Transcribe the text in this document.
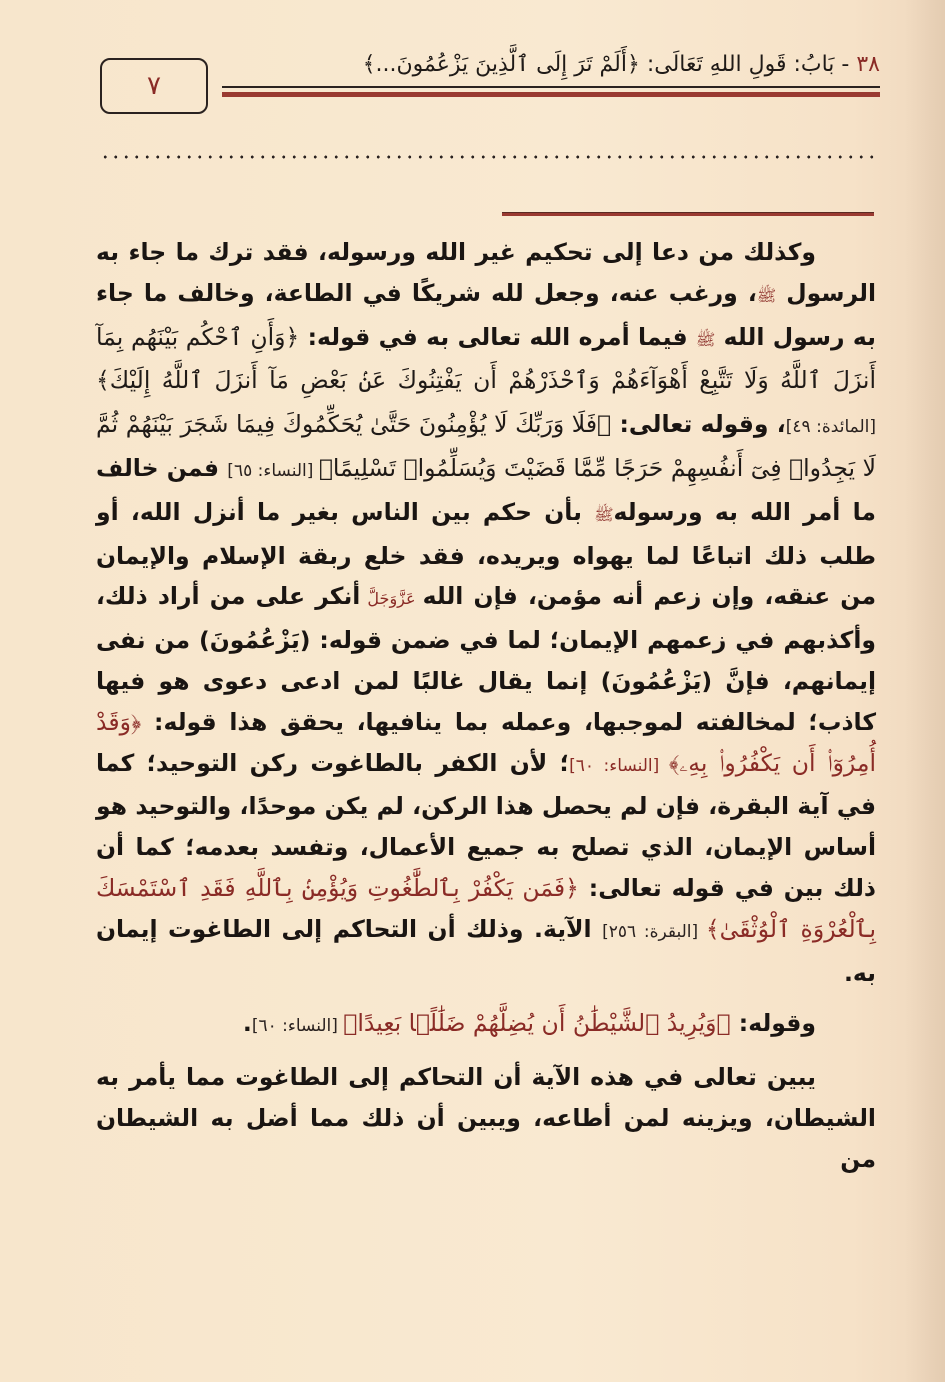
٧
٣٨ - بَابُ: قَولِ اللهِ تَعَالَى: ﴿أَلَمْ تَرَ إِلَى ٱلَّذِينَ يَزْعُمُونَ...﴾

وكذلك من دعا إلى تحكيم غير الله ورسوله، فقد ترك ما جاء به الرسول ﷺ، ورغب عنه، وجعل لله شريكًا في الطاعة، وخالف ما جاء به رسول الله ﷺ فيما أمره الله تعالى به في قوله: ﴿وَأَنِ ٱحْكُم بَيْنَهُم بِمَآ أَنزَلَ ٱللَّهُ وَلَا تَتَّبِعْ أَهْوَآءَهُمْ وَٱحْذَرْهُمْ أَن يَفْتِنُوكَ عَنۢ بَعْضِ مَآ أَنزَلَ ٱللَّهُ إِلَيْكَ﴾ [المائدة: ٤٩]، وقوله تعالى: ﴿فَلَا وَرَبِّكَ لَا يُؤْمِنُونَ حَتَّىٰ يُحَكِّمُوكَ فِيمَا شَجَرَ بَيْنَهُمْ ثُمَّ لَا يَجِدُوا۟ فِىٓ أَنفُسِهِمْ حَرَجًا مِّمَّا قَضَيْتَ وَيُسَلِّمُوا۟ تَسْلِيمًا﴾ [النساء: ٦٥] فمن خالف ما أمر الله به ورسولهﷺ بأن حكم بين الناس بغير ما أنزل الله، أو طلب ذلك اتباعًا لما يهواه ويريده، فقد خلع ربقة الإسلام والإيمان من عنقه، وإن زعم أنه مؤمن، فإن الله عَزَّوَجَلَّ أنكر على من أراد ذلك، وأكذبهم في زعمهم الإيمان؛ لما في ضمن قوله: (يَزْعُمُونَ) من نفى إيمانهم، فإنَّ (يَزْعُمُونَ) إنما يقال غالبًا لمن ادعى دعوى هو فيها كاذب؛ لمخالفته لموجبها، وعمله بما ينافيها، يحقق هذا قوله: ﴿وَقَدْ أُمِرُوٓا۟ أَن يَكْفُرُوا۟ بِهِۦ﴾ [النساء: ٦٠]؛ لأن الكفر بالطاغوت ركن التوحيد؛ كما في آية البقرة، فإن لم يحصل هذا الركن، لم يكن موحدًا، والتوحيد هو أساس الإيمان، الذي تصلح به جميع الأعمال، وتفسد بعدمه؛ كما أن ذلك بين في قوله تعالى: ﴿فَمَن يَكْفُرْ بِٱلطَّٰغُوتِ وَيُؤْمِنۢ بِٱللَّهِ فَقَدِ ٱسْتَمْسَكَ بِٱلْعُرْوَةِ ٱلْوُثْقَىٰ﴾ [البقرة: ٢٥٦] الآية. وذلك أن التحاكم إلى الطاغوت إيمان به.

وقوله: ﴿وَيُرِيدُ ٱلشَّيْطَٰنُ أَن يُضِلَّهُمْ ضَلَٰلًۢا بَعِيدًا﴾ [النساء: ٦٠].

يبين تعالى في هذه الآية أن التحاكم إلى الطاغوت مما يأمر به الشيطان، ويزينه لمن أطاعه، ويبين أن ذلك مما أضل به الشيطان من
